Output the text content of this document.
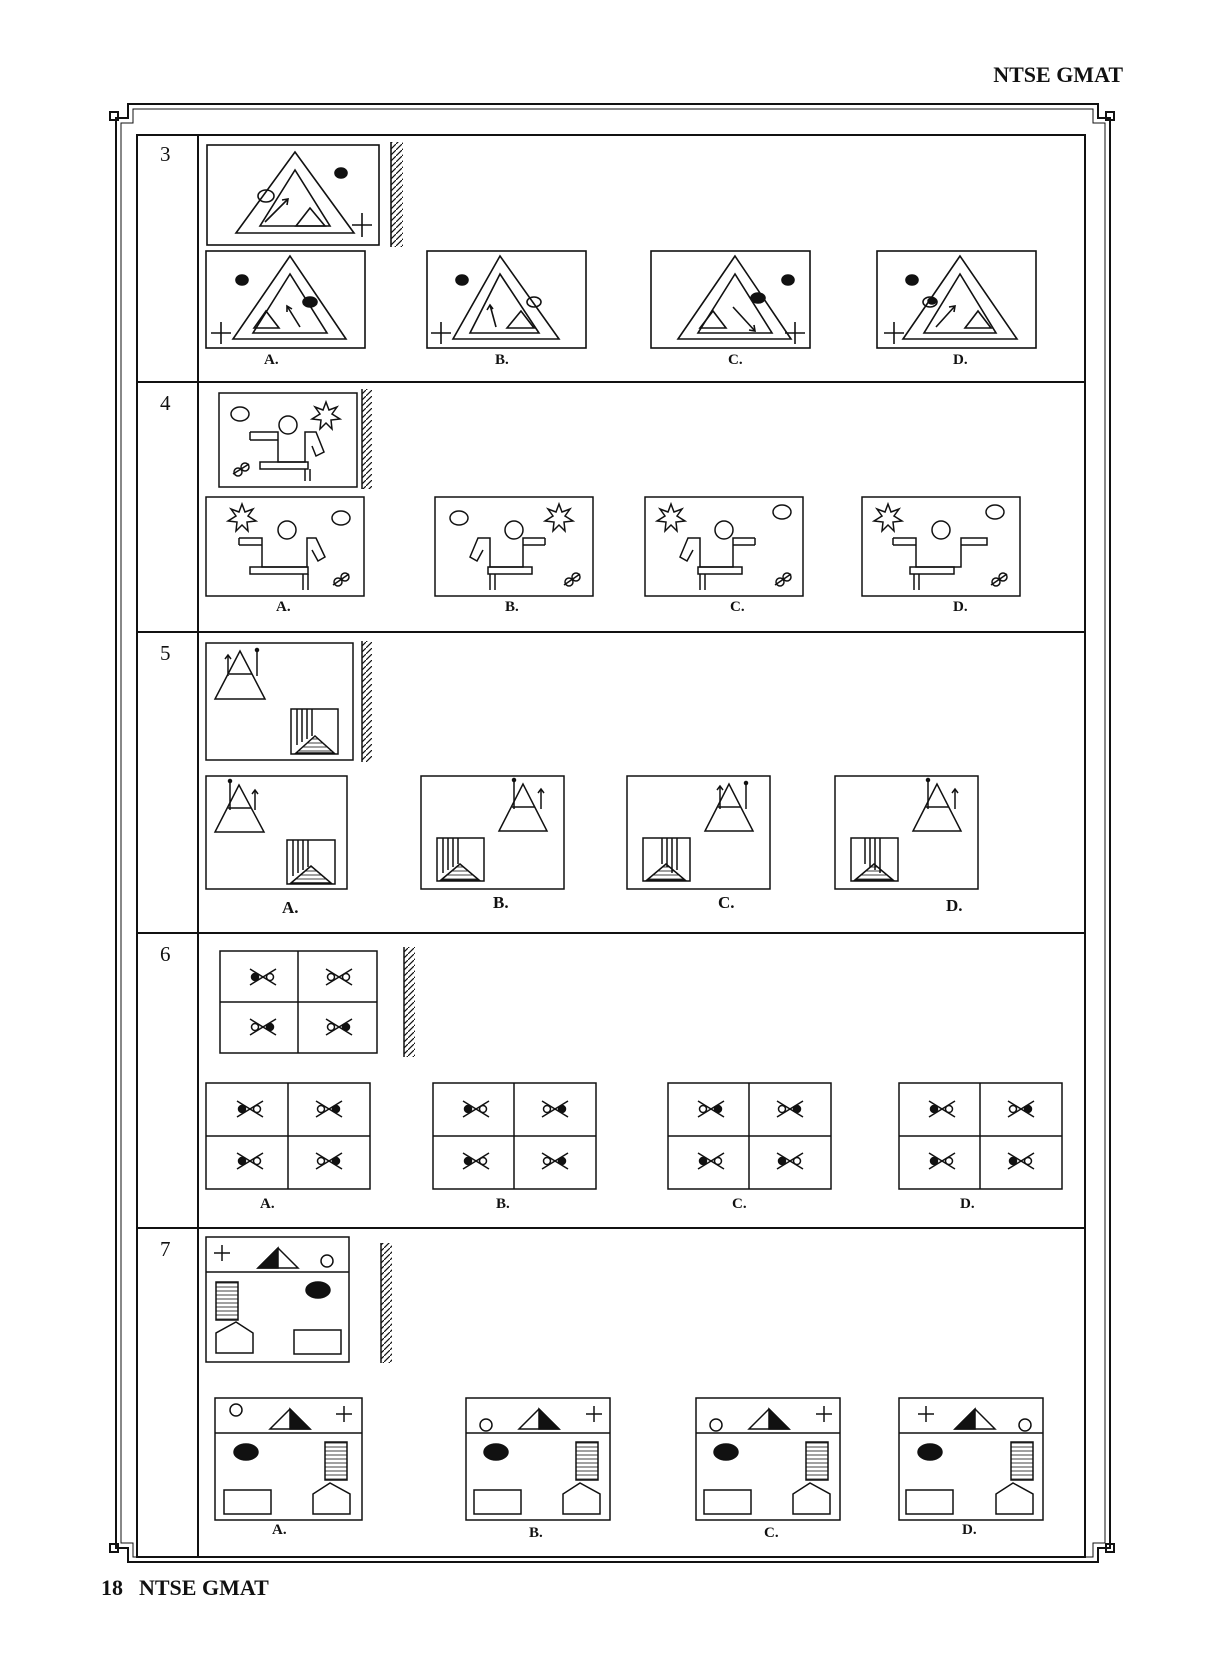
NTSE GMAT
3
A.	B.	C.	D.
4
A.	B.	C.	D.
5
A.	B.	C.	D.
6
A.	B.	C.	D.
7
A.	B.	C.	D.
18 NTSE GMAT
